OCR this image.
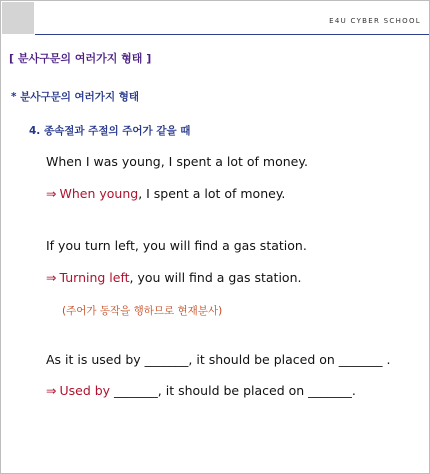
E4U CYBER SCHOOL
[ 분사구문의 여러가지 형태 ]
* 분사구문의 여러가지 형태
4. 종속절과 주절의 주어가 같을 때
When I was young, I spent a lot of money.
⇒ When young, I spent a lot of money.
If you turn left, you will find a gas station.
⇒ Turning left, you will find a gas station.
(주어가 동작을 행하므로 현재분사)
As it is used by _______, it should be placed on _______ .
⇒ Used by _______, it should be placed on _______.
